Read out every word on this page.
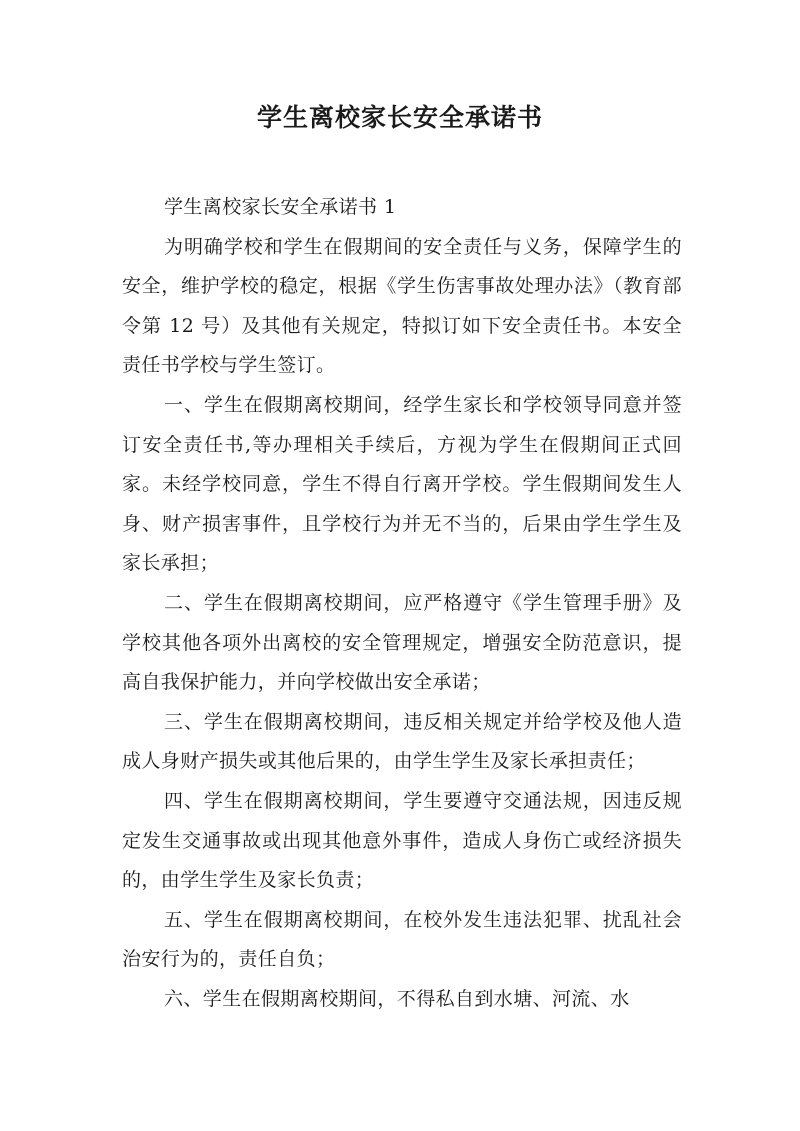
学生离校家长安全承诺书

学生离校家长安全承诺书 1

为明确学校和学生在假期间的安全责任与义务，保障学生的安全，维护学校的稳定，根据《学生伤害事故处理办法》（教育部令第 12 号）及其他有关规定，特拟订如下安全责任书。本安全责任书学校与学生签订。

一、学生在假期离校期间，经学生家长和学校领导同意并签订安全责任书,等办理相关手续后，方视为学生在假期间正式回家。未经学校同意，学生不得自行离开学校。学生假期间发生人身、财产损害事件，且学校行为并无不当的，后果由学生学生及家长承担；

二、学生在假期离校期间，应严格遵守《学生管理手册》及学校其他各项外出离校的安全管理规定，增强安全防范意识，提高自我保护能力，并向学校做出安全承诺；

三、学生在假期离校期间，违反相关规定并给学校及他人造成人身财产损失或其他后果的，由学生学生及家长承担责任；

四、学生在假期离校期间，学生要遵守交通法规，因违反规定发生交通事故或出现其他意外事件，造成人身伤亡或经济损失的，由学生学生及家长负责；

五、学生在假期离校期间，在校外发生违法犯罪、扰乱社会治安行为的，责任自负；

六、学生在假期离校期间，不得私自到水塘、河流、水
